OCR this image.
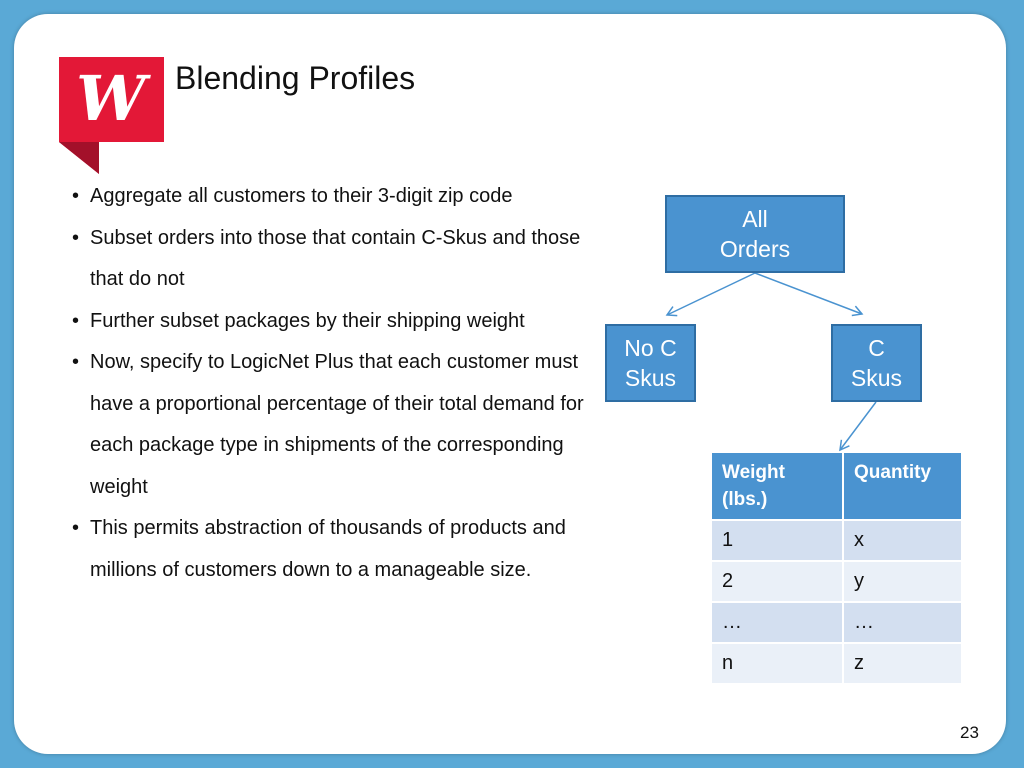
W Blending Profiles
• Aggregate all customers to their 3-digit zip code
• Subset orders into those that contain C-Skus and those that do not
• Further subset packages by their shipping weight
• Now, specify to LogicNet Plus that each customer must have a proportional percentage of their total demand for each package type in shipments of the corresponding weight
• This permits abstraction of thousands of products and millions of customers down to a manageable size.
All
Orders
No C
Skus
C
Skus
Weight (lbs.)	Quantity
1	x
2	y
…	…
n	z
23
